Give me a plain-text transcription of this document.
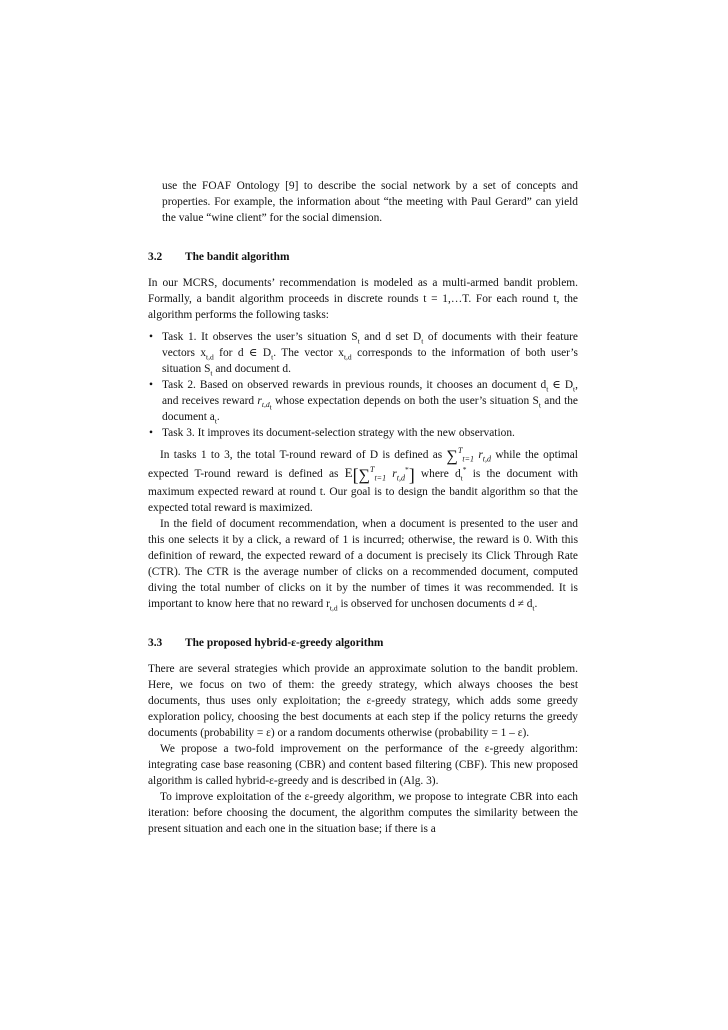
use the FOAF Ontology [9] to describe the social network by a set of concepts and properties. For example, the information about “the meeting with Paul Gerard” can yield the value “wine client” for the social dimension.

3.2	The bandit algorithm

In our MCRS, documents’ recommendation is modeled as a multi-armed bandit problem. Formally, a bandit algorithm proceeds in discrete rounds t = 1,…T. For each round t, the algorithm performs the following tasks:

• Task 1. It observes the user’s situation $S_t$ and d set $D_t$ of documents with their feature vectors $x_{t,d}$ for d ∈ $D_t$. The vector $x_{t,d}$ corresponds to the information of both user’s situation $S_t$ and document d.
• Task 2. Based on observed rewards in previous rounds, it chooses an document $d_t$ ∈ $D_t$, and receives reward $r_{t,d_t}$ whose expectation depends on both the user’s situation $S_t$ and the document $a_t$.
• Task 3. It improves its document-selection strategy with the new observation.

In tasks 1 to 3, the total T-round reward of D is defined as ∑$^T_{t=1}$ $r_{t,d}$ while the optimal expected T-round reward is defined as E[∑$^T_{t=1}$ $r_{t,d}^*$] where $d_t^*$ is the document with maximum expected reward at round t. Our goal is to design the bandit algorithm so that the expected total reward is maximized.

In the field of document recommendation, when a document is presented to the user and this one selects it by a click, a reward of 1 is incurred; otherwise, the reward is 0. With this definition of reward, the expected reward of a document is precisely its Click Through Rate (CTR). The CTR is the average number of clicks on a recommended document, computed diving the total number of clicks on it by the number of times it was recommended. It is important to know here that no reward $r_{t,d}$ is observed for unchosen documents $d \ne d_t$.

3.3	The proposed hybrid-ε-greedy algorithm

There are several strategies which provide an approximate solution to the bandit problem. Here, we focus on two of them: the greedy strategy, which always chooses the best documents, thus uses only exploitation; the ε-greedy strategy, which adds some greedy exploration policy, choosing the best documents at each step if the policy returns the greedy documents (probability = ε) or a random documents otherwise (probability = 1 – ε).

We propose a two-fold improvement on the performance of the ε-greedy algorithm: integrating case base reasoning (CBR) and content based filtering (CBF). This new proposed algorithm is called hybrid-ε-greedy and is described in (Alg. 3).

To improve exploitation of the ε-greedy algorithm, we propose to integrate CBR into each iteration: before choosing the document, the algorithm computes the similarity between the present situation and each one in the situation base; if there is a
